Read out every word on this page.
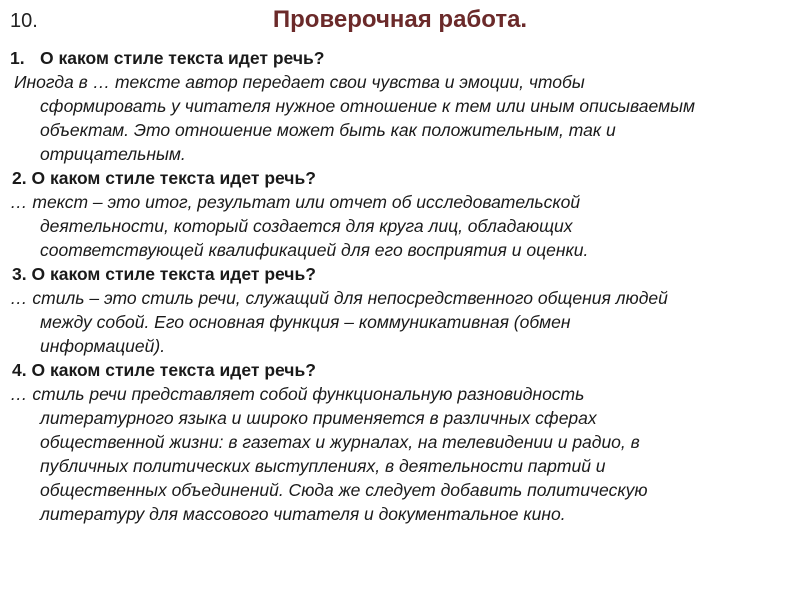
10.	Проверочная работа.

1. О каком стиле текста идет речь?

Иногда в … тексте автор передает свои чувства и эмоции, чтобы
сформировать у читателя нужное отношение к тем или иным описываемым
объектам. Это отношение может быть как положительным, так и
отрицательным.

2. О каком стиле текста идет речь?

… текст – это итог, результат или отчет об исследовательской
деятельности, который создается для круга лиц, обладающих
соответствующей квалификацией для его восприятия и оценки.

3. О каком стиле текста идет речь?

… стиль – это стиль речи, служащий для непосредственного общения людей
между собой. Его основная функция – коммуникативная (обмен
информацией).

4. О каком стиле текста идет речь?

… стиль речи представляет собой функциональную разновидность
литературного языка и широко применяется в различных сферах
общественной жизни: в газетах и журналах, на телевидении и радио, в
публичных политических выступлениях, в деятельности партий и
общественных объединений. Сюда же следует добавить политическую
литературу для массового читателя и документальное кино.
